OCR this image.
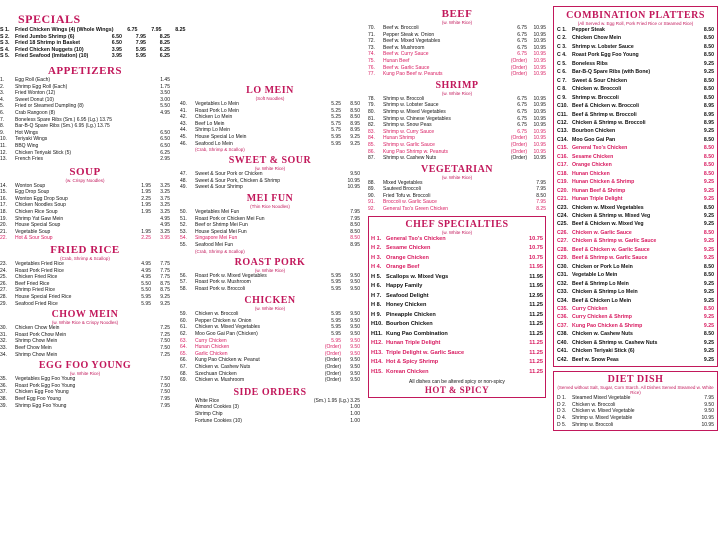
SPECIALS
S 1.	Fried Chicken Wings (4) (Whole Wings)	6.75	7.95	8.25
S 2.	Fried Jumbo Shrimp (6)	6.50	7.95	8.25
S 3.	Fried 18 Shrimp in Basket	6.50	7.95	8.25
S 4.	Fried Chicken Nuggets (10)	3.95	5.95	6.25
S 5.	Fried Seafood (Imitation) (10)	3.95	5.95	6.25
APPETIZERS
1.	Egg Roll (Each)	1.45
2.	Shrimp Egg Roll (Each)	1.75
3.	Fried Wonton (12)	3.50
4.	Sweet Donut (10)	3.00
5.	Fried or Steamed Dumpling (8)	5.50
6.	Crab Rangoon (8)	4.95
7.	Boneless Spare Ribs (Sm.) 6.95 (Lg.) 13.75
8.	Bar-B-Q Spare Ribs (Sm.) 6.95 (Lg.) 13.75
9.	Hot Wings	6.50
10.	Teriyaki Wings	6.50
11.	BBQ Wing	6.50
12.	Chicken Teriyaki Stick (5)	6.25
13.	French Fries	2.95
SOUP
(w. Crispy Noodles)
14.	Wonton Soup	1.95	3.25
15.	Egg Drop Soup	1.95	3.25
16.	Wonton Egg Drop Soup	2.25	3.75
17.	Chicken Noodles Soup	1.95	3.25
18.	Chicken Rice Soup	1.95	3.25
19.	Shrimp Yat Gaw Mein	4.95
20.	House Special Soup	4.95
21.	Vegetable Soup	1.95	3.25
22.	Hot & Sour Soup	2.25	3.95
FRIED RICE
(Crab, Shrimp & Scallop)
23.	Vegetables Fried Rice	4.95	7.75
24.	Roast Pork Fried Rice	4.95	7.75
25.	Chicken Fried Rice	4.95	7.75
26.	Beef Fried Rice	5.50	8.75
27.	Shrimp Fried Rice	5.50	8.75
28.	House Special Fried Rice	5.95	9.25
29.	Seafood Fried Rice	5.95	9.25
CHOW MEIN
(w. White Rice & Crispy Noodles)
30.	Chicken Chow Mein	7.25
31.	Roast Pork Chow Mein	7.25
32.	Shrimp Chow Mein	7.50
33.	Beef Chow Mein	7.50
34.	Shrimp Chow Mein	7.25
EGG FOO YOUNG
(w. White Rice)
35.	Vegetables Egg Foo Young	7.50
36.	Roast Pork Egg Foo Young	7.50
37.	Chicken Egg Foo Young	7.50
38.	Beef Egg Foo Young	7.95
39.	Shrimp Egg Foo Young	7.95
LO MEIN
(Soft Noodles)
40.	Vegetables Lo Mein	5.25	8.50
41.	Roast Pork Lo Mein	5.25	8.50
42.	Chicken Lo Mein	5.25	8.50
43.	Beef Lo Mein	5.75	8.95
44.	Shrimp Lo Mein	5.75	8.95
45.	House Special Lo Mein	5.95	9.25
46.	Seafood Lo Mein	5.95	9.25
(Crab, Shrimp & Scallop)
SWEET & SOUR
(w. White Rice)
47.	Sweet & Sour Pork or Chicken	9.50
48.	Sweet & Sour Pork, Chicken & Shrimp	10.95
49.	Sweet & Sour Shrimp	10.95
MEI FUN
(Thin Rice Noodles)
50.	Vegetables Mei Fun	7.95
51.	Roast Pork or Chicken Mei Fun	7.95
52.	Beef or Shrimp Mei Fun	8.50
53.	House Special Mei Fun	8.50
54.	Singapore Mei Fun	8.50
55.	Seafood Mei Fun	8.95
(Crab, Shrimp & Scallop)
ROAST PORK
(w. White Rice)
56.	Roast Pork w. Mixed Vegetables	5.95	9.50
57.	Roast Pork w. Mushroom	5.95	9.50
58.	Roast Pork w. Broccoli	5.95	9.50
CHICKEN
(w. White Rice)
59.	Chicken w. Broccoli	5.95	9.50
60.	Pepper Chicken w. Onion	5.95	9.50
61.	Chicken w. Mixed Vegetables	5.95	9.50
62.	Moo Goo Gai Pan (Chicken)	5.95	9.50
63.	Curry Chicken	5.95	9.50
64.	Hunan Chicken	(Order)	9.50
65.	Garlic Chicken	(Order)	9.50
66.	Kung Pao Chicken w. Peanut	(Order)	9.50
67.	Chicken w. Cashew Nuts	(Order)	9.50
68.	Szechuan Chicken	(Order)	9.50
69.	Chicken w. Mushroom	(Order)	9.50
SIDE ORDERS
White Rice	(Sm.) 1.95 (Lg.) 3.25
Almond Cookies (3)	1.00
Shrimp Chip	1.00
Fortune Cookies (10)	1.00
BEEF
(w. White Rice)
70.	Beef w. Broccoli	6.75	10.95
71.	Pepper Steak w. Onion	6.75	10.95
72.	Beef w. Mixed Vegetables	6.75	10.95
73.	Beef w. Mushroom	6.75	10.95
74.	Beef w. Curry Sauce	6.75	10.95
75.	Hunan Beef	(Order)	10.95
76.	Beef w. Garlic Sauce	(Order)	10.95
77.	Kung Pao Beef w. Peanuts	(Order)	10.95
SHRIMP
(w. White Rice)
78.	Shrimp w. Broccoli	6.75	10.95
79.	Shrimp w. Lobster Sauce	6.75	10.95
80.	Shrimp w. Mixed Vegetables	6.75	10.95
81.	Shrimp w. Chinese Vegetables	6.75	10.95
82.	Shrimp w. Snow Peas	6.75	10.95
83.	Shrimp w. Curry Sauce	6.75	10.95
84.	Hunan Shrimp	(Order)	10.95
85.	Shrimp w. Garlic Sauce	(Order)	10.95
86.	Kung Pao Shrimp w. Peanuts	(Order)	10.95
87.	Shrimp w. Cashew Nuts	(Order)	10.95
VEGETARIAN
(w. White Rice)
88.	Mixed Vegetables	7.95
89.	Sauteed Broccoli	7.95
90.	Fried Tofu w. Broccoli	8.50
91.	Broccoli w. Garlic Sauce	7.95
92.	General Tso's Green Chicken	8.25
CHEF SPECIALTIES
(w. White Rice)
H 1. General Tso's Chicken	10.75
H 2. Sesame Chicken	10.75
H 3. Orange Chicken	10.75
H 4. Orange Beef	11.95
H 5. Scallops w. Mixed Vegs	11.95
H 6. Happy Family	11.95
H 7. Seafood Delight	12.95
H 8. Honey Chicken	11.25
H 9. Pineapple Chicken	11.25
H10. Bourbon Chicken	11.25
H11. Kung Pao Combination	11.25
H12. Hunan Triple Delight	11.25
H13. Triple Delight w. Garlic Sauce	11.25
H14. Hot & Spicy Shrimp	11.25
H15. Korean Chicken	11.25
All dishes can be altered spicy or non-spicy
HOT & SPICY
COMBINATION PLATTERS
(All Served w. Egg Roll, Pork Fried Rice or Steamed Rice)
C 1.	Pepper Steak	8.50
C 2.	Chicken Chow Mein	8.50
C 3.	Shrimp w. Lobster Sauce	8.50
C 4.	Roast Pork Egg Foo Young	8.50
C 5.	Boneless Ribs	9.25
C 6.	Bar-B-Q Spare Ribs (with Bone)	9.25
C 7.	Sweet & Sour Chicken	8.50
C 8.	Chicken w. Broccoli	8.50
C 9.	Shrimp w. Broccoli	8.50
C10. Beef & Chicken w. Broccoli	8.95
C11. Beef & Shrimp w. Broccoli	8.95
C12. Chicken & Shrimp w. Broccoli	8.95
C13. Bourbon Chicken	9.25
C14. Moo Goo Gai Pan	8.50
C15. General Tso's Chicken	8.50
C16. Sesame Chicken	8.50
C17. Orange Chicken	8.50
C18. Hunan Chicken	8.50
C19. Hunan Chicken & Shrimp	9.25
C20. Hunan Beef & Shrimp	9.25
C21. Hunan Triple Delight	9.25
C23. Chicken w. Mixed Vegetables	8.50
C24. Chicken & Shrimp w. Mixed Veg	9.25
C25. Beef & Chicken w. Mixed Veg	9.25
C26. Chicken w. Garlic Sauce	8.50
C27. Chicken & Shrimp w. Garlic Sauce	9.25
C28. Beef & Chicken w. Garlic Sauce	9.25
C29. Beef & Shrimp w. Garlic Sauce	9.25
C30. Chicken or Pork Lo Mein	8.50
C31. Vegetable Lo Mein	8.50
C32. Beef & Shrimp Lo Mein	9.25
C33. Chicken & Shrimp Lo Mein	9.25
C34. Beef & Chicken Lo Mein	9.25
C35. Curry Chicken	8.50
C36. Curry Chicken & Shrimp	9.25
C37. Kung Pao Chicken & Shrimp	9.25
C38. Chicken w. Cashew Nuts	8.50
C40. Chicken & Shrimp w. Cashew Nuts	9.25
C41. Chicken Teriyaki Stick (6)	9.25
C42. Beef w. Snow Peas	9.25
DIET DISH
(Served without Salt, Sugar, Corn Starch. All Dishes Served Steamed w. White Rice)
D 1.	Steamed Mixed Vegetable	7.95
D 2.	Chicken w. Broccoli	9.50
D 3.	Chicken w. Mixed Vegetable	9.50
D 4.	Shrimp w. Mixed Vegetable	10.95
D 5.	Shrimp w. Broccoli	10.95
